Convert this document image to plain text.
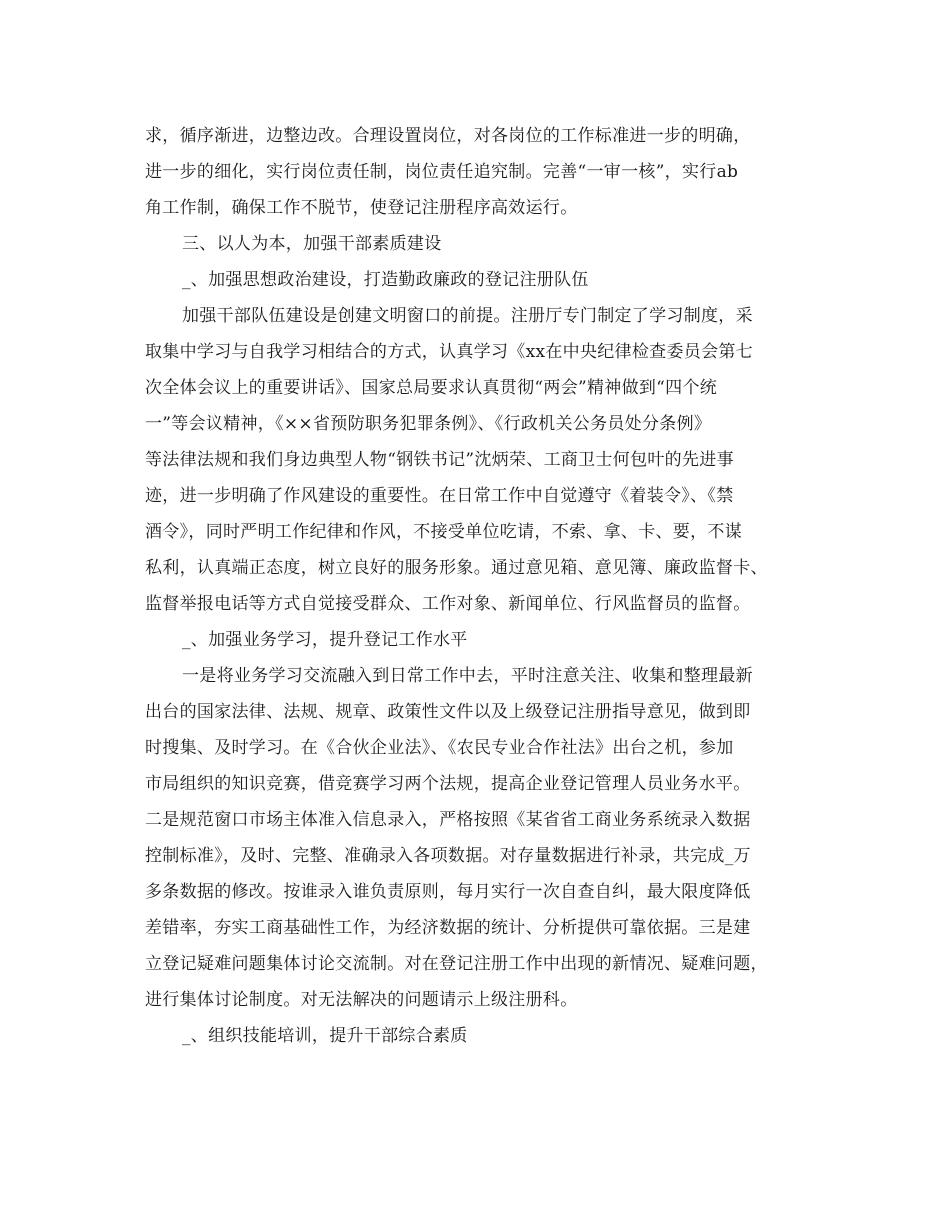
求，循序渐进，边整边改。合理设置岗位，对各岗位的工作标准进一步的明确，
进一步的细化，实行岗位责任制，岗位责任追究制。完善“一审一核”，实行ab
角工作制，确保工作不脱节，使登记注册程序高效运行。
三、以人为本，加强干部素质建设
_、加强思想政治建设，打造勤政廉政的登记注册队伍
加强干部队伍建设是创建文明窗口的前提。注册厅专门制定了学习制度，采
取集中学习与自我学习相结合的方式，认真学习《xx在中央纪律检查委员会第七
次全体会议上的重要讲话》、国家总局要求认真贯彻“两会”精神做到“四个统
一”等会议精神，《××省预防职务犯罪条例》、《行政机关公务员处分条例》
等法律法规和我们身边典型人物“钢铁书记”沈炳荣、工商卫士何包叶的先进事
迹，进一步明确了作风建设的重要性。在日常工作中自觉遵守《着装令》、《禁
酒令》，同时严明工作纪律和作风，不接受单位吃请，不索、拿、卡、要，不谋
私利，认真端正态度，树立良好的服务形象。通过意见箱、意见簿、廉政监督卡、
监督举报电话等方式自觉接受群众、工作对象、新闻单位、行风监督员的监督。
_、加强业务学习，提升登记工作水平
一是将业务学习交流融入到日常工作中去，平时注意关注、收集和整理最新
出台的国家法律、法规、规章、政策性文件以及上级登记注册指导意见，做到即
时搜集、及时学习。在《合伙企业法》、《农民专业合作社法》出台之机，参加
市局组织的知识竞赛，借竞赛学习两个法规，提高企业登记管理人员业务水平。
二是规范窗口市场主体准入信息录入，严格按照《某省省工商业务系统录入数据
控制标准》，及时、完整、准确录入各项数据。对存量数据进行补录，共完成_万
多条数据的修改。按谁录入谁负责原则，每月实行一次自查自纠，最大限度降低
差错率，夯实工商基础性工作，为经济数据的统计、分析提供可靠依据。三是建
立登记疑难问题集体讨论交流制。对在登记注册工作中出现的新情况、疑难问题，
进行集体讨论制度。对无法解决的问题请示上级注册科。
_、组织技能培训，提升干部综合素质
